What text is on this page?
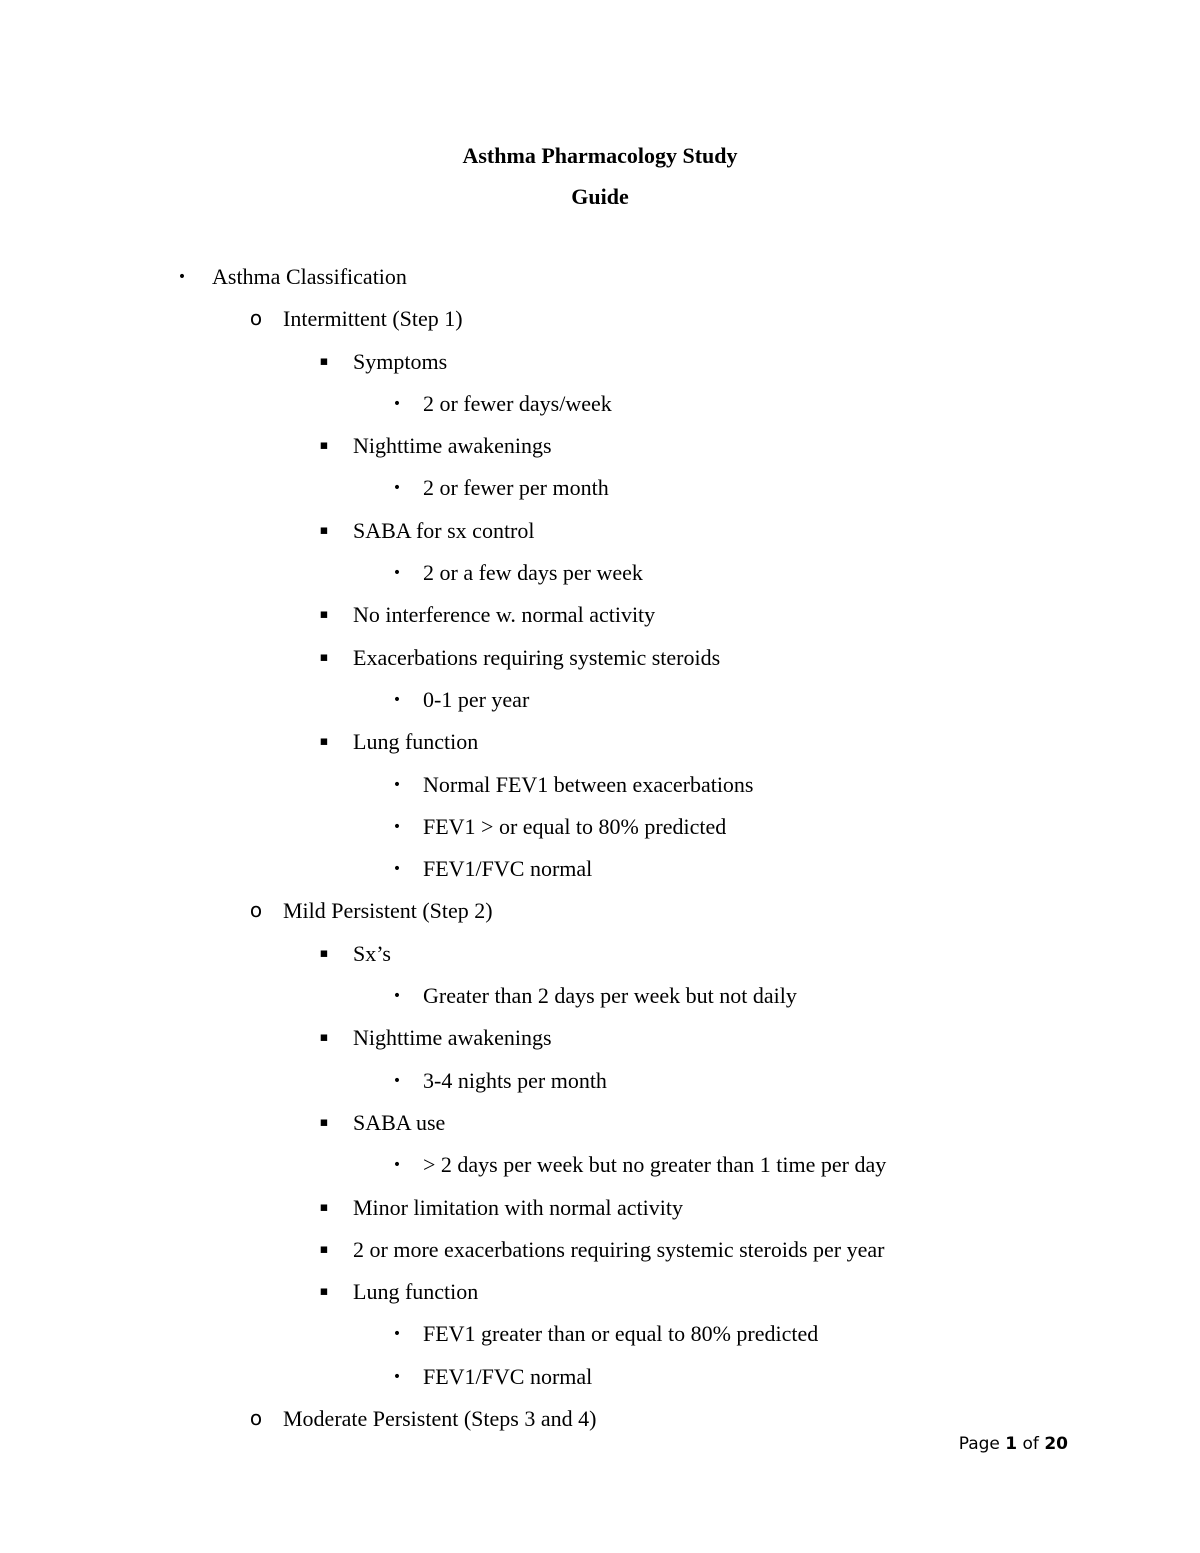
Asthma Pharmacology Study
Guide
•	Asthma Classification
o Intermittent (Step 1)
▪	Symptoms
• 2 or fewer days/week
▪	Nighttime awakenings
• 2 or fewer per month
▪	SABA for sx control
• 2 or a few days per week
▪	No interference w. normal activity
▪	Exacerbations requiring systemic steroids
• 0-1 per year
▪	Lung function
• Normal FEV1 between exacerbations
• FEV1 > or equal to 80% predicted
• FEV1/FVC normal
o Mild Persistent (Step 2)
▪	Sx’s
• Greater than 2 days per week but not daily
▪	Nighttime awakenings
• 3-4 nights per month
▪	SABA use
• > 2 days per week but no greater than 1 time per day
▪	Minor limitation with normal activity
▪	2 or more exacerbations requiring systemic steroids per year
▪	Lung function
• FEV1 greater than or equal to 80% predicted
• FEV1/FVC normal
o Moderate Persistent (Steps 3 and 4)
Page 1 of 20
